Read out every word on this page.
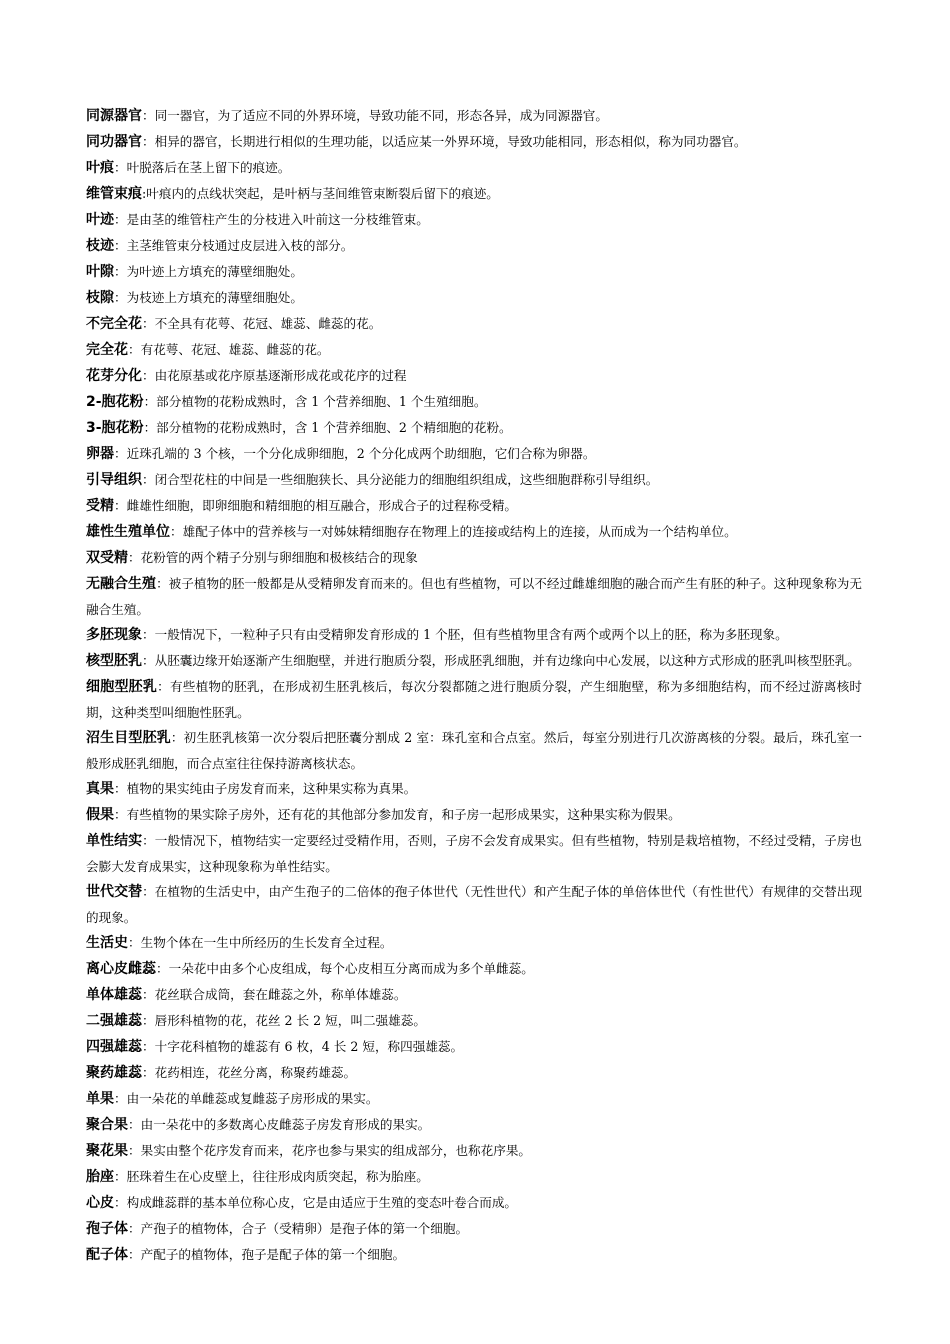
同源器官：同一器官，为了适应不同的外界环境，导致功能不同，形态各异，成为同源器官。

同功器官：相异的器官，长期进行相似的生理功能，以适应某一外界环境，导致功能相同，形态相似，称为同功器官。

叶痕：叶脱落后在茎上留下的痕迹。

维管束痕:叶痕内的点线状突起，是叶柄与茎间维管束断裂后留下的痕迹。

叶迹：是由茎的维管柱产生的分枝进入叶前这一分枝维管束。

枝迹：主茎维管束分枝通过皮层进入枝的部分。

叶隙：为叶迹上方填充的薄壁细胞处。

枝隙：为枝迹上方填充的薄壁细胞处。

不完全花：不全具有花萼、花冠、雄蕊、雌蕊的花。

完全花：有花萼、花冠、雄蕊、雌蕊的花。

花芽分化：由花原基或花序原基逐渐形成花或花序的过程

2-胞花粉：部分植物的花粉成熟时，含 1 个营养细胞、1 个生殖细胞。

3-胞花粉：部分植物的花粉成熟时，含 1 个营养细胞、2 个精细胞的花粉。

卵器：近珠孔端的 3 个核，一个分化成卵细胞，2 个分化成两个助细胞，它们合称为卵器。

引导组织：闭合型花柱的中间是一些细胞狭长、具分泌能力的细胞组织组成，这些细胞群称引导组织。

受精：雌雄性细胞，即卵细胞和精细胞的相互融合，形成合子的过程称受精。

雄性生殖单位：雄配子体中的营养核与一对姊妹精细胞存在物理上的连接或结构上的连接，从而成为一个结构单位。

双受精：花粉管的两个精子分别与卵细胞和极核结合的现象

无融合生殖：被子植物的胚一般都是从受精卵发育而来的。但也有些植物，可以不经过雌雄细胞的融合而产生有胚的种子。这种现象称为无融合生殖。

多胚现象：一般情况下，一粒种子只有由受精卵发育形成的 1 个胚，但有些植物里含有两个或两个以上的胚，称为多胚现象。

核型胚乳：从胚囊边缘开始逐渐产生细胞壁，并进行胞质分裂，形成胚乳细胞，并有边缘向中心发展，以这种方式形成的胚乳叫核型胚乳。

细胞型胚乳：有些植物的胚乳，在形成初生胚乳核后，每次分裂都随之进行胞质分裂，产生细胞壁，称为多细胞结构，而不经过游离核时期，这种类型叫细胞性胚乳。

沼生目型胚乳：初生胚乳核第一次分裂后把胚囊分割成 2 室：珠孔室和合点室。然后，每室分别进行几次游离核的分裂。最后，珠孔室一般形成胚乳细胞，而合点室往往保持游离核状态。

真果：植物的果实纯由子房发育而来，这种果实称为真果。

假果：有些植物的果实除子房外，还有花的其他部分参加发育，和子房一起形成果实，这种果实称为假果。

单性结实：一般情况下，植物结实一定要经过受精作用，否则，子房不会发育成果实。但有些植物，特别是栽培植物，不经过受精，子房也会膨大发育成果实，这种现象称为单性结实。

世代交替：在植物的生活史中，由产生孢子的二倍体的孢子体世代（无性世代）和产生配子体的单倍体世代（有性世代）有规律的交替出现的现象。

生活史：生物个体在一生中所经历的生长发育全过程。

离心皮雌蕊：一朵花中由多个心皮组成，每个心皮相互分离而成为多个单雌蕊。

单体雄蕊：花丝联合成筒，套在雌蕊之外，称单体雄蕊。

二强雄蕊：唇形科植物的花，花丝 2 长 2 短，叫二强雄蕊。

四强雄蕊：十字花科植物的雄蕊有 6 枚，4 长 2 短，称四强雄蕊。

聚药雄蕊：花药相连，花丝分离，称聚药雄蕊。

单果：由一朵花的单雌蕊或复雌蕊子房形成的果实。

聚合果：由一朵花中的多数离心皮雌蕊子房发育形成的果实。

聚花果：果实由整个花序发育而来，花序也参与果实的组成部分，也称花序果。

胎座：胚珠着生在心皮壁上，往往形成肉质突起，称为胎座。

心皮：构成雌蕊群的基本单位称心皮，它是由适应于生殖的变态叶卷合而成。

孢子体：产孢子的植物体，合子（受精卵）是孢子体的第一个细胞。

配子体：产配子的植物体，孢子是配子体的第一个细胞。
